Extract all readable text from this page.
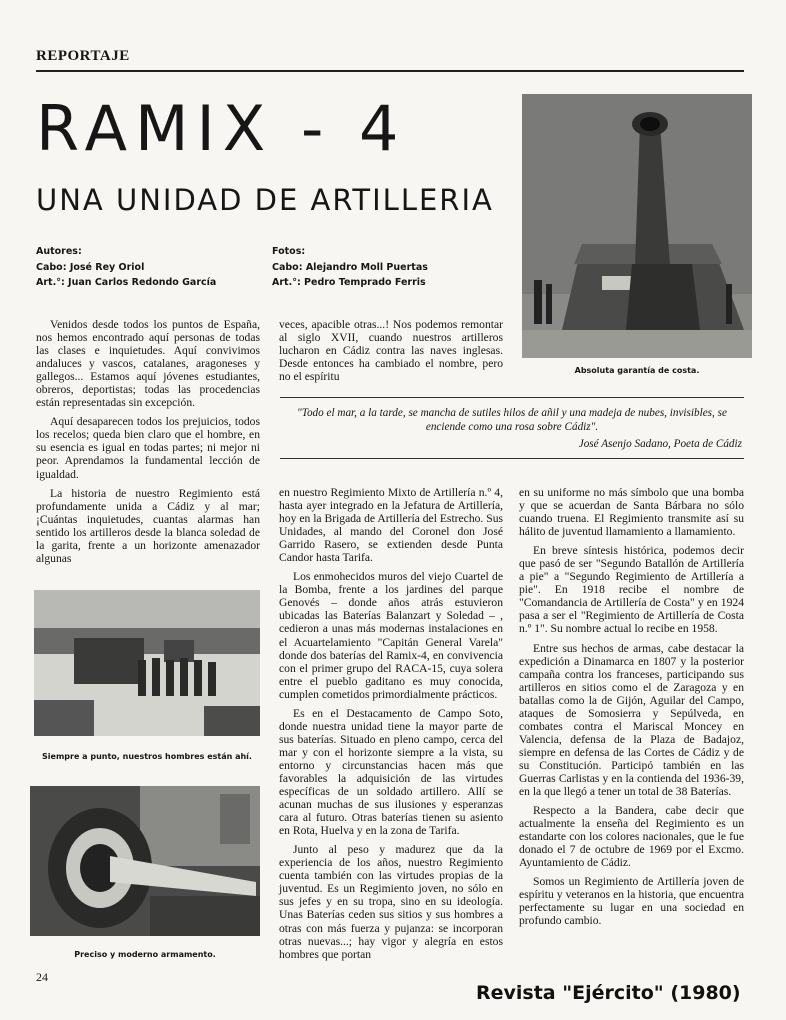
REPORTAJE
RAMIX - 4
UNA UNIDAD DE ARTILLERIA
Autores:
Cabo: José Rey Oriol
Art.°: Juan Carlos Redondo García
Fotos:
Cabo: Alejandro Moll Puertas
Art.°: Pedro Temprado Ferris
Absoluta garantía de costa.
"Todo el mar, a la tarde, se mancha de sutiles hilos de añil y una madeja de nubes, invisibles, se enciende como una rosa sobre Cádiz".
José Asenjo Sadano, Poeta de Cádiz

Venidos desde todos los puntos de España, nos hemos encontrado aquí personas de todas las clases e inquietudes. Aquí convivimos andaluces y vascos, catalanes, aragoneses y gallegos... Estamos aquí jóvenes estudiantes, obreros, deportistas; todas las procedencias están representadas sin excepción.

Aquí desaparecen todos los prejuicios, todos los recelos; queda bien claro que el hombre, en su esencia es igual en todas partes; ni mejor ni peor. Aprendamos la fundamental lección de igualdad.

La historia de nuestro Regimiento está profundamente unida a Cádiz y al mar; ¡Cuántas inquietudes, cuantas alarmas han sentido los artilleros desde la blanca soledad de la garita, frente a un horizonte amenazador algunas

veces, apacible otras...! Nos podemos remontar al siglo XVII, cuando nuestros artilleros lucharon en Cádiz contra las naves inglesas. Desde entonces ha cambiado el nombre, pero no el espíritu

Siempre a punto, nuestros hombres están ahí.
Preciso y moderno armamento.

en nuestro Regimiento Mixto de Artillería n.º 4, hasta ayer integrado en la Jefatura de Artillería, hoy en la Brigada de Artillería del Estrecho. Sus Unidades, al mando del Coronel don José Garrido Rasero, se extienden desde Punta Candor hasta Tarifa.

Los enmohecidos muros del viejo Cuartel de la Bomba, frente a los jardines del parque Genovés – donde años atrás estuvieron ubicadas las Baterías Balanzart y Soledad – , cedieron a unas más modernas instalaciones en el Acuartelamiento "Capitán General Varela" donde dos baterías del Ramix-4, en convivencia con el primer grupo del RACA-15, cuya solera entre el pueblo gaditano es muy conocida, cumplen cometidos primordialmente prácticos.

Es en el Destacamento de Campo Soto, donde nuestra unidad tiene la mayor parte de sus baterías. Situado en pleno campo, cerca del mar y con el horizonte siempre a la vista, su entorno y circunstancias hacen más que favorables la adquisición de las virtudes específicas de un soldado artillero. Allí se acunan muchas de sus ilusiones y esperanzas cara al futuro. Otras baterías tienen su asiento en Rota, Huelva y en la zona de Tarifa.

Junto al peso y madurez que da la experiencia de los años, nuestro Regimiento cuenta también con las virtudes propias de la juventud. Es un Regimiento joven, no sólo en sus jefes y en su tropa, sino en su ideología. Unas Baterías ceden sus sitios y sus hombres a otras con más fuerza y pujanza: se incorporan otras nuevas...; hay vigor y alegría en estos hombres que portan

en su uniforme no más símbolo que una bomba y que se acuerdan de Santa Bárbara no sólo cuando truena. El Regimiento transmite así su hálito de juventud llamamiento a llamamiento.

En breve síntesis histórica, podemos decir que pasó de ser "Segundo Batallón de Artillería a pie" a "Segundo Regimiento de Artillería a pie". En 1918 recibe el nombre de "Comandancia de Artillería de Costa" y en 1924 pasa a ser el "Regimiento de Artillería de Costa n.º 1". Su nombre actual lo recibe en 1958.

Entre sus hechos de armas, cabe destacar la expedición a Dinamarca en 1807 y la posterior campaña contra los franceses, participando sus artilleros en sitios como el de Zaragoza y en batallas como la de Gijón, Aguilar del Campo, ataques de Somosierra y Sepúlveda, en combates contra el Mariscal Moncey en Valencia, defensa de la Plaza de Badajoz, siempre en defensa de las Cortes de Cádiz y de su Constitución. Participó también en las Guerras Carlistas y en la contienda del 1936-39, en la que llegó a tener un total de 38 Baterías.

Respecto a la Bandera, cabe decir que actualmente la enseña del Regimiento es un estandarte con los colores nacionales, que le fue donado el 7 de octubre de 1969 por el Excmo. Ayuntamiento de Cádiz.

Somos un Regimiento de Artillería joven de espíritu y veteranos en la historia, que encuentra perfectamente su lugar en una sociedad en profundo cambio.

24
Revista "Ejército" (1980)
